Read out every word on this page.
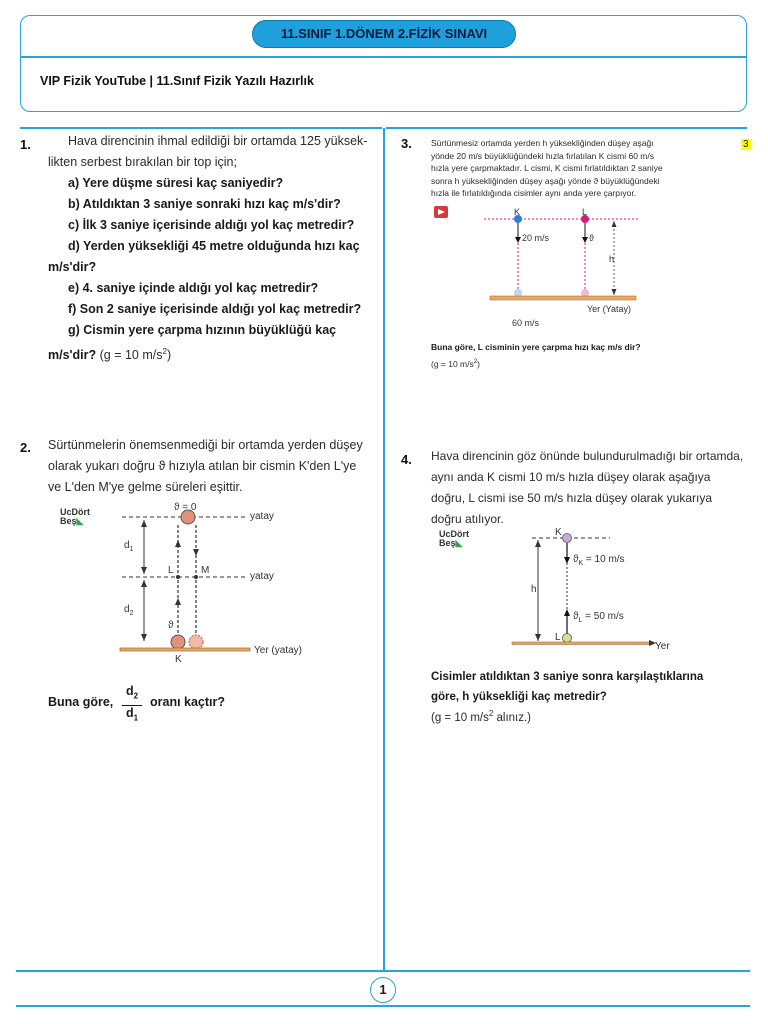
11.SINIF 1.DÖNEM 2.FİZİK SINAVI
VIP Fizik YouTube | 11.Sınıf Fizik Yazılı Hazırlık
1.	Hava direncinin ihmal edildiği bir ortamda 125 yüksek-
likten serbest bırakılan bir top için;
a) Yere düşme süresi kaç saniyedir?
b) Atıldıktan 3 saniye sonraki hızı kaç m/s'dir?
c) İlk 3 saniye içerisinde aldığı yol kaç metredir?
d) Yerden yüksekliği 45 metre olduğunda hızı kaç
m/s'dir?
e) 4. saniye içinde aldığı yol kaç metredir?
f) Son 2 saniye içerisinde aldığı yol kaç metredir?
g) Cismin yere çarpma hızının büyüklüğü kaç
m/s'dir? (g = 10 $m/s^2$)
2. Sürtünmelerin önemsenmediği bir ortamda yerden düşey
olarak yukarı doğru ϑ hızıyla atılan bir cismin K'den L'ye
ve L'den M'ye gelme süreleri eşittir.
UcDört
Beş◣
ϑ = 0
yatay
yatay
Yer (yatay)
$d_1$
$d_2$
L	M
K
ϑ
Buna göre, $\frac{d_2}{d_1}$ oranı kaçtır?
3.	3
Sürtünmesiz ortamda yerden h yüksekliğinden düşey aşağı
yönde 20 m/s büyüklüğündeki hızla fırlatılan K cismi 60 m/s
hızla yere çarpmaktadır. L cismi, K cismi fırlatıldıktan 2 saniye
sonra h yüksekliğinden düşey aşağı yönde ϑ büyüklüğündeki
hızla ile fırlatıldığında cisimler aynı anda yere çarpıyor.
K	L
20 m/s	ϑ
h
Yer (Yatay)
60 m/s
Buna göre, L cisminin yere çarpma hızı kaç m/s dir?
(g = 10 $m/s^2$)
4. Hava direncinin göz önünde bulundurulmadığı bir ortamda,
aynı anda K cismi 10 m/s hızla düşey olarak aşağıya
doğru, L cismi ise 50 m/s hızla düşey olarak yukarıya
doğru atılıyor.
UcDört
Beş◣
K
L
h
$ϑ_K = 10$ m/s
$ϑ_L = 50$ m/s
Yer
Cisimler atıldıktan 3 saniye sonra karşılaştıklarına
göre, h yüksekliği kaç metredir?
(g = 10 $m/s^2$ alınız.)
1
